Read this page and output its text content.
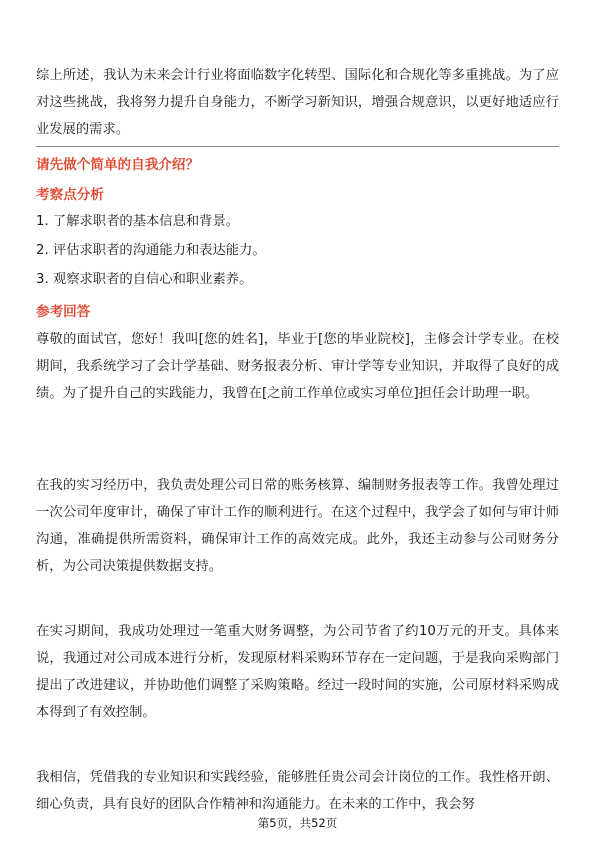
综上所述，我认为未来会计行业将面临数字化转型、国际化和合规化等多重挑战。为了应对这些挑战，我将努力提升自身能力，不断学习新知识，增强合规意识，以更好地适应行业发展的需求。

请先做个简单的自我介绍？

考察点分析

1. 了解求职者的基本信息和背景。

2. 评估求职者的沟通能力和表达能力。

3. 观察求职者的自信心和职业素养。

参考回答

尊敬的面试官，您好！我叫[您的姓名]，毕业于[您的毕业院校]，主修会计学专业。在校期间，我系统学习了会计学基础、财务报表分析、审计学等专业知识，并取得了良好的成绩。为了提升自己的实践能力，我曾在[之前工作单位或实习单位]担任会计助理一职。

在我的实习经历中，我负责处理公司日常的账务核算、编制财务报表等工作。我曾处理过一次公司年度审计，确保了审计工作的顺利进行。在这个过程中，我学会了如何与审计师沟通，准确提供所需资料，确保审计工作的高效完成。此外，我还主动参与公司财务分析，为公司决策提供数据支持。

在实习期间，我成功处理过一笔重大财务调整，为公司节省了约10万元的开支。具体来说，我通过对公司成本进行分析，发现原材料采购环节存在一定问题，于是我向采购部门提出了改进建议，并协助他们调整了采购策略。经过一段时间的实施，公司原材料采购成本得到了有效控制。

我相信，凭借我的专业知识和实践经验，能够胜任贵公司会计岗位的工作。我性格开朗、细心负责，具有良好的团队合作精神和沟通能力。在未来的工作中，我会努

第5页，共52页
